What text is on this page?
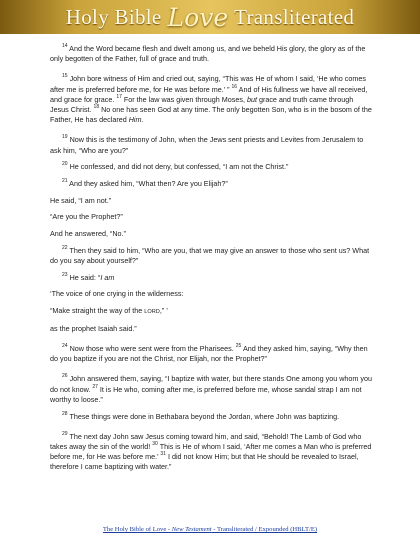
Holy Bible Love Transliterated

$^{14}$ And the Word became flesh and dwelt among us, and we beheld His glory, the glory as of the only begotten of the Father, full of grace and truth.

$^{15}$ John bore witness of Him and cried out, saying, “This was He of whom I said, ‘He who comes after me is preferred before me, for He was before me.’ ” $^{16}$ And of His fullness we have all received, and grace for grace. $^{17}$ For the law was given through Moses, but grace and truth came through Jesus Christ. $^{18}$ No one has seen God at any time. The only begotten Son, who is in the bosom of the Father, He has declared Him.

$^{19}$ Now this is the testimony of John, when the Jews sent priests and Levites from Jerusalem to ask him, “Who are you?”

$^{20}$ He confessed, and did not deny, but confessed, “I am not the Christ.”

$^{21}$ And they asked him, “What then? Are you Elijah?”

He said, “I am not.”

“Are you the Prophet?”

And he answered, “No.”

$^{22}$ Then they said to him, “Who are you, that we may give an answer to those who sent us? What do you say about yourself?”

$^{23}$ He said: “I am

‘The voice of one crying in the wilderness:

“Make straight the way of the LORD,” ’

as the prophet Isaiah said.”

$^{24}$ Now those who were sent were from the Pharisees. $^{25}$ And they asked him, saying, “Why then do you baptize if you are not the Christ, nor Elijah, nor the Prophet?”

$^{26}$ John answered them, saying, “I baptize with water, but there stands One among you whom you do not know. $^{27}$ It is He who, coming after me, is preferred before me, whose sandal strap I am not worthy to loose.”

$^{28}$ These things were done in Bethabara beyond the Jordan, where John was baptizing.

$^{29}$ The next day John saw Jesus coming toward him, and said, “Behold! The Lamb of God who takes away the sin of the world! $^{30}$ This is He of whom I said, ‘After me comes a Man who is preferred before me, for He was before me.’ $^{31}$ I did not know Him; but that He should be revealed to Israel, therefore I came baptizing with water.”

The Holy Bible of Love - New Testament - Transliterated / Expounded (HBLT/E)
